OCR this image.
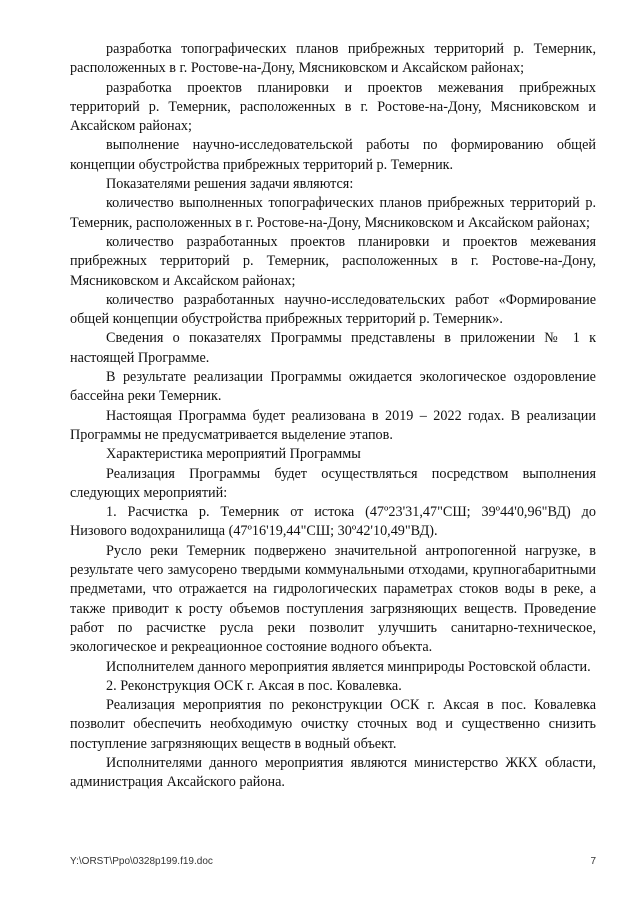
разработка топографических планов прибрежных территорий р. Темерник, расположенных в г. Ростове-на-Дону, Мясниковском и Аксайском районах;

разработка проектов планировки и проектов межевания прибрежных территорий р. Темерник, расположенных в г. Ростове-на-Дону, Мясниковском и Аксайском районах;

выполнение научно-исследовательской работы по формированию общей концепции обустройства прибрежных территорий р. Темерник.

Показателями решения задачи являются:

количество выполненных топографических планов прибрежных территорий р. Темерник, расположенных в г. Ростове-на-Дону, Мясниковском и Аксайском районах;

количество разработанных проектов планировки и проектов межевания прибрежных территорий р. Темерник, расположенных в г. Ростове-на-Дону, Мясниковском и Аксайском районах;

количество разработанных научно-исследовательских работ «Формирование общей концепции обустройства прибрежных территорий р. Темерник».

Сведения о показателях Программы представлены в приложении № 1 к настоящей Программе.

В результате реализации Программы ожидается экологическое оздоровление бассейна реки Темерник.

Настоящая Программа будет реализована в 2019 – 2022 годах. В реализации Программы не предусматривается выделение этапов.

Характеристика мероприятий Программы

Реализация Программы будет осуществляться посредством выполнения следующих мероприятий:

1. Расчистка р. Темерник от истока (47º23'31,47"СШ; 39º44'0,96"ВД) до Низового водохранилища (47º16'19,44"СШ; 30º42'10,49"ВД).

Русло реки Темерник подвержено значительной антропогенной нагрузке, в результате чего замусорено твердыми коммунальными отходами, крупногабаритными предметами, что отражается на гидрологических параметрах стоков воды в реке, а также приводит к росту объемов поступления загрязняющих веществ. Проведение работ по расчистке русла реки позволит улучшить санитарно-техническое, экологическое и рекреационное состояние водного объекта.

Исполнителем данного мероприятия является минприроды Ростовской области.

2. Реконструкция ОСК г. Аксая в пос. Ковалевка.

Реализация мероприятия по реконструкции ОСК г. Аксая в пос. Ковалевка позволит обеспечить необходимую очистку сточных вод и существенно снизить поступление загрязняющих веществ в водный объект.

Исполнителями данного мероприятия являются министерство ЖКХ области, администрация Аксайского района.

Y:\ORST\Ppo\0328p199.f19.doc	7
